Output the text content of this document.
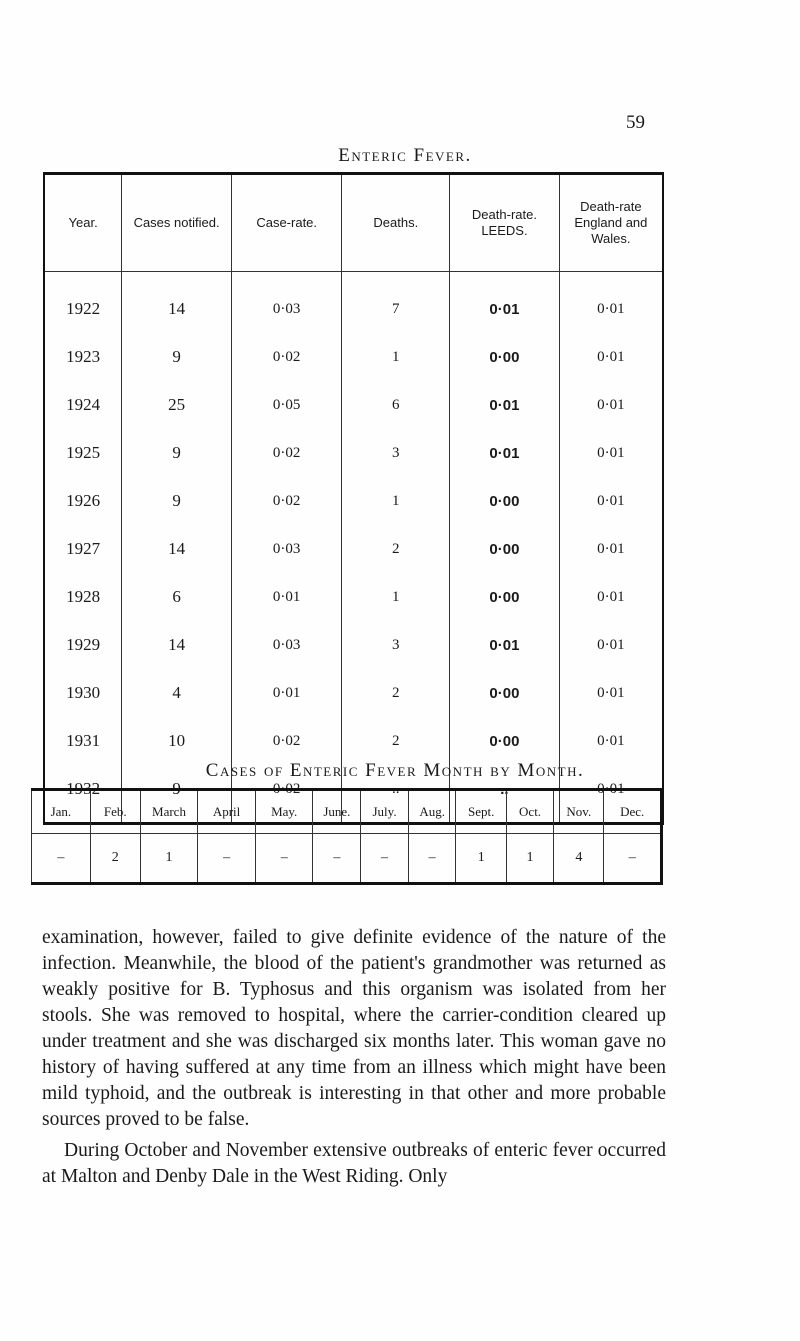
59
Enteric Fever.
Year.	Cases notified.	Case-rate.	Deaths.	Death-rate. LEEDS.	Death-rate England and Wales.
1922	14	0·03	7	0·01	0·01
1923	9	0·02	1	0·00	0·01
1924	25	0·05	6	0·01	0·01
1925	9	0·02	3	0·01	0·01
1926	9	0·02	1	0·00	0·01
1927	14	0·03	2	0·00	0·01
1928	6	0·01	1	0·00	0·01
1929	14	0·03	3	0·01	0·01
1930	4	0·01	2	0·00	0·01
1931	10	0·02	2	0·00	0·01
1932	9	0·02	..	..	0·01
Cases of Enteric Fever Month by Month.
Jan.	Feb.	March	April	May.	June.	July.	Aug.	Sept.	Oct.	Nov.	Dec.
–	2	1	–	–	–	–	–	1	1	4	–

examination, however, failed to give definite evidence of the nature of the infection. Meanwhile, the blood of the patient's grandmother was returned as weakly positive for B. Typhosus and this organism was isolated from her stools. She was removed to hospital, where the carrier-condition cleared up under treatment and she was discharged six months later. This woman gave no history of having suffered at any time from an illness which might have been mild typhoid, and the outbreak is interesting in that other and more probable sources proved to be false.

During October and November extensive outbreaks of enteric fever occurred at Malton and Denby Dale in the West Riding. Only
